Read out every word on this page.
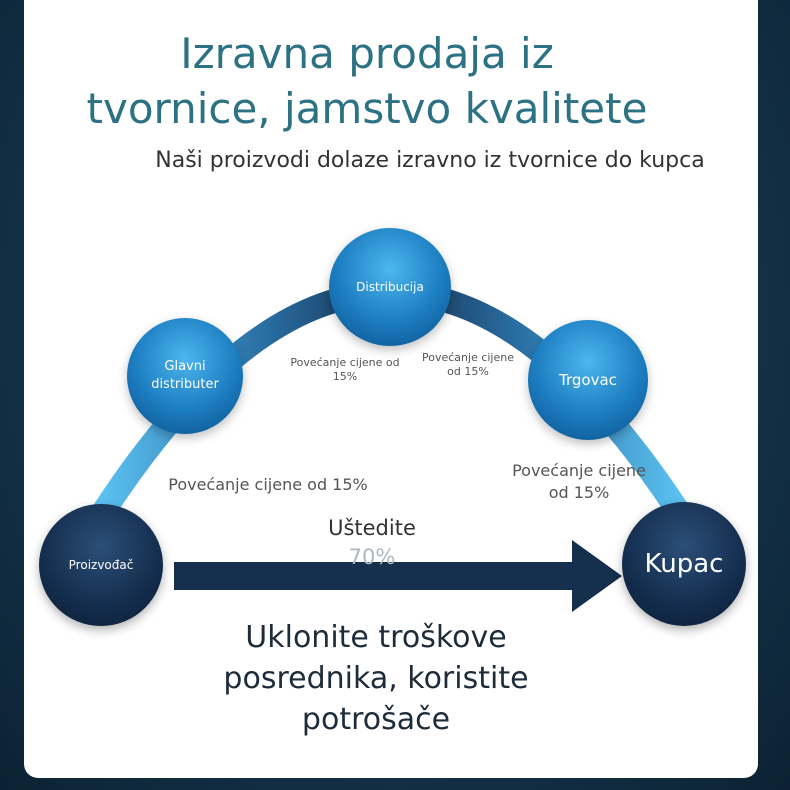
Izravna prodaja iz
tvornice, jamstvo kvalitete
Naši proizvodi dolaze izravno iz tvornice do kupca
Glavni distributer
Distribucija
Trgovac
Povećanje cijene od 15%
Povećanje cijene od 15%
Povećanje cijene od 15%
Povećanje cijene od 15%
Proizvođač	Kupac
Uštedite
70%
Uklonite troškove posrednika, koristite potrošače
